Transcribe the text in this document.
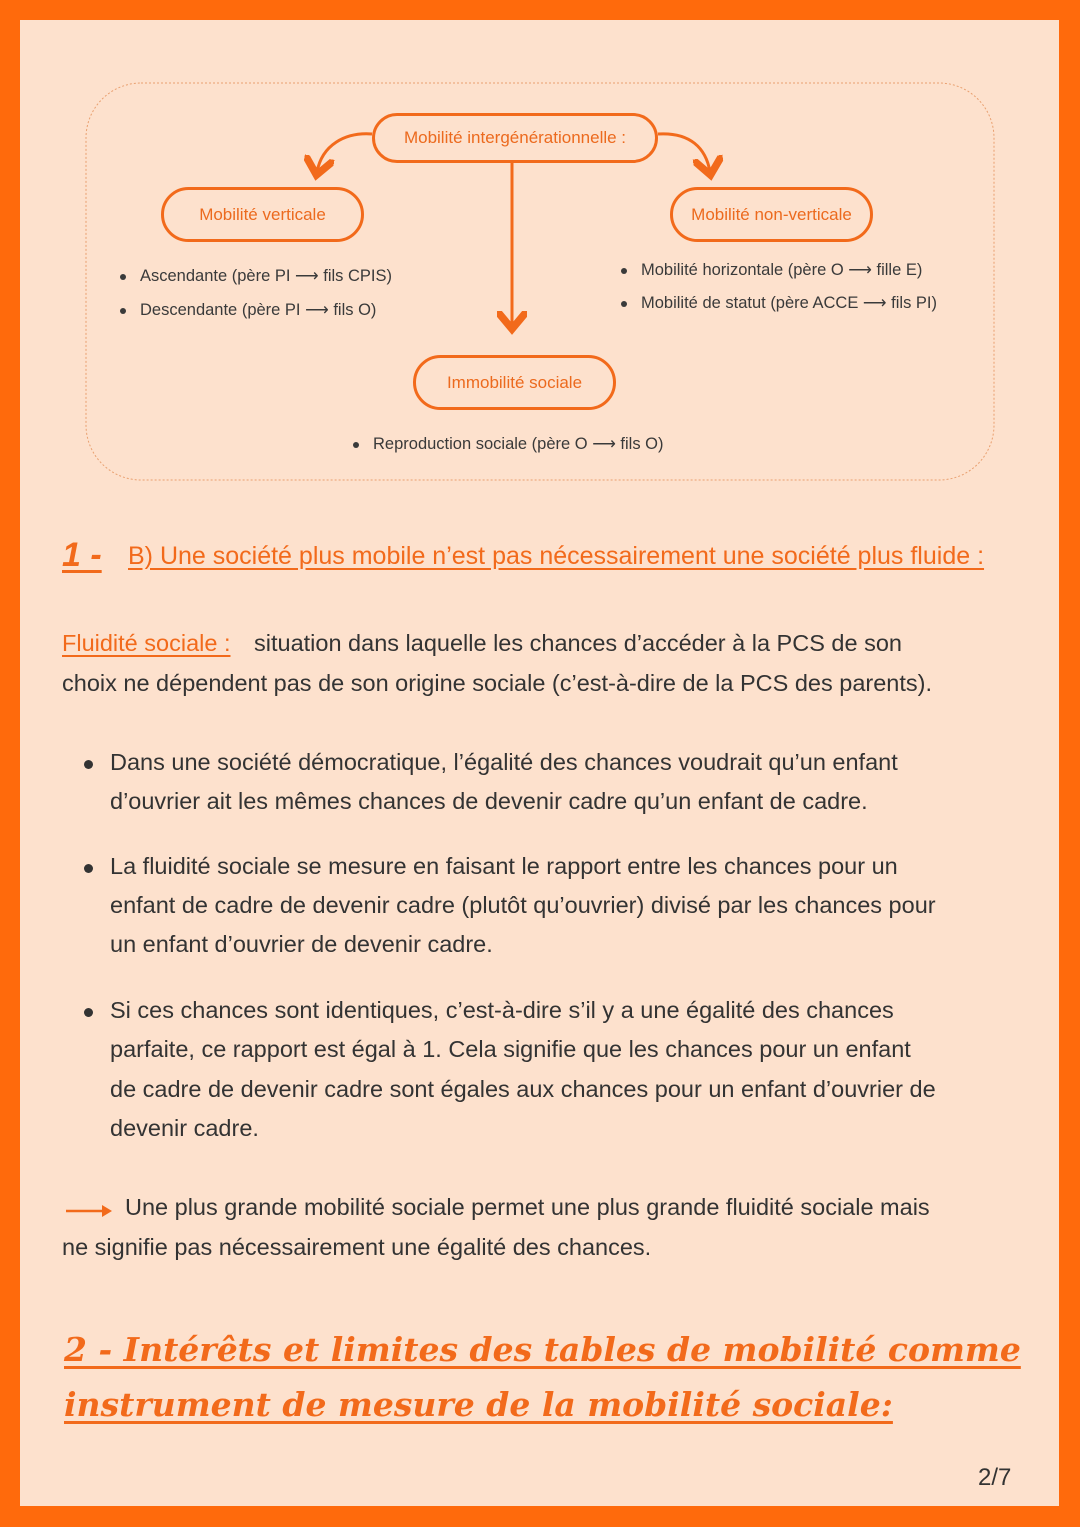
Mobilité intergénérationnelle :
Mobilité verticale	Mobilité non-verticale
Immobilité sociale
Ascendante (père PI ⟶ fils CPIS)
Descendante (père PI ⟶ fils O)
Mobilité horizontale (père O ⟶ fille E)
Mobilité de statut (père ACCE ⟶ fils PI)
Reproduction sociale (père O ⟶ fils O)
1 - B) Une société plus mobile n’est pas nécessairement une société plus fluide :
Fluidité sociale : situation dans laquelle les chances d’accéder à la PCS de son
choix ne dépendent pas de son origine sociale (c’est-à-dire de la PCS des parents).
Dans une société démocratique, l’égalité des chances voudrait qu’un enfant
d’ouvrier ait les mêmes chances de devenir cadre qu’un enfant de cadre.
La fluidité sociale se mesure en faisant le rapport entre les chances pour un
enfant de cadre de devenir cadre (plutôt qu’ouvrier) divisé par les chances pour
un enfant d’ouvrier de devenir cadre.
Si ces chances sont identiques, c’est-à-dire s’il y a une égalité des chances
parfaite, ce rapport est égal à 1. Cela signifie que les chances pour un enfant
de cadre de devenir cadre sont égales aux chances pour un enfant d’ouvrier de
devenir cadre.
Une plus grande mobilité sociale permet une plus grande fluidité sociale mais
ne signifie pas nécessairement une égalité des chances.
2 - Intérêts et limites des tables de mobilité comme
instrument de mesure de la mobilité sociale:
2/7
